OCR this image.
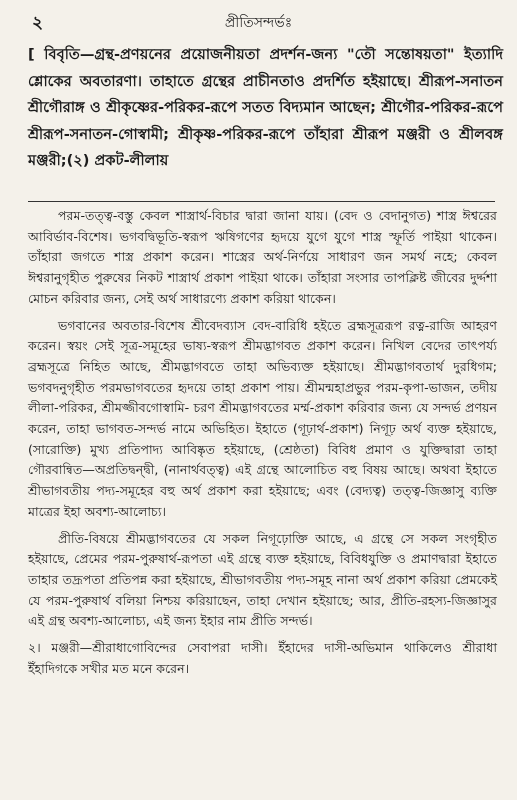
২	প্রীতিসন্দর্ভঃ

[ বিবৃতি—গ্রন্থ-প্রণয়নের প্রয়োজনীয়তা প্রদর্শন-জন্য "তৌ সন্তোষয়তা" ইত্যাদি শ্লোকের অবতারণা। তাহাতে গ্রন্থের প্রাচীনতাও প্রদর্শিত হইয়াছে। শ্রীরূপ-সনাতন শ্রীগৌরাঙ্গ ও শ্রীকৃষ্ণের-পরিকর-রূপে সতত বিদ্যমান আছেন; শ্রীগৌর-পরিকর-রূপে শ্রীরূপ-সনাতন-গোস্বামী; শ্রীকৃষ্ণ-পরিকর-রূপে তাঁহারা শ্রীরূপ মঞ্জরী ও শ্রীলবঙ্গ মঞ্জরী;(২) প্রকট-লীলায়

পরম-তত্ত্ব-বস্তু কেবল শাস্ত্রার্থ-বিচার দ্বারা জানা যায়। (বেদ ও বেদানুগত) শাস্ত্র ঈশ্বরের আবির্ভাব-বিশেষ। ভগবদ্বিভূতি-স্বরূপ ঋষিগণের হৃদয়ে যুগে যুগে শাস্ত্র স্ফূর্তি পাইয়া থাকেন। তাঁহারা জগতে শাস্ত্র প্রকাশ করেন। শাস্ত্রের অর্থ-নির্ণয়ে সাধারণ জন সমর্থ নহে; কেবল ঈশ্বরানুগৃহীত পুরুষের নিকট শাস্ত্রার্থ প্রকাশ পাইয়া থাকে। তাঁহারা সংসার তাপক্লিষ্ট জীবের দুর্দ্দশা মোচন করিবার জন্য, সেই অর্থ সাধারণ্যে প্রকাশ করিয়া থাকেন।

ভগবানের অবতার-বিশেষ শ্রীবেদব্যাস বেদ-বারিধি হইতে ব্রহ্মসূত্ররূপ রত্ন-রাজি আহরণ করেন। স্বয়ং সেই সূত্র-সমূহের ভাষ্য-স্বরূপ শ্রীমদ্ভাগবত প্রকাশ করেন। নিখিল বেদের তাৎপর্য্য ব্রহ্মসূত্রে নিহিত আছে, শ্রীমদ্ভাগবতে তাহা অভিব্যক্ত হইয়াছে। শ্রীমদ্ভাগবতার্থ দুরধিগম; ভগবদনুগৃহীত পরমভাগবতের হৃদয়ে তাহা প্রকাশ পায়। শ্রীমন্মহাপ্রভুর পরম-কৃপা-ভাজন, তদীয় লীলা-পরিকর, শ্রীমজ্জীবগোস্বামি- চরণ শ্রীমদ্ভাগবতের মর্ম্ম-প্রকাশ করিবার জন্য যে সন্দর্ভ প্রণয়ন করেন, তাহা ভাগবত-সন্দর্ভ নামে অভিহিত। ইহাতে (গূঢ়ার্থ-প্রকাশ) নিগূঢ় অর্থ ব্যক্ত হইয়াছে, (সারোক্তি) মুখ্য প্রতিপাদ্য আবিষ্কৃত হইয়াছে, (শ্রেষ্ঠতা) বিবিধ প্রমাণ ও যুক্তিদ্বারা তাহা গৌরবান্বিত—অপ্রতিদ্বন্দ্বী, (নানার্থবত্ত্ব) এই গ্রন্থে আলোচিত বহু বিষয় আছে। অথবা ইহাতে শ্রীভাগবতীয় পদ্য-সমূহের বহু অর্থ প্রকাশ করা হইয়াছে; এবং (বেদ্যত্ব) তত্ত্ব-জিজ্ঞাসু ব্যক্তি মাত্রের ইহা অবশ্য-আলোচ্য।

প্রীতি-বিষয়ে শ্রীমদ্ভাগবতের যে সকল নিগূঢ়োক্তি আছে, এ গ্রন্থে সে সকল সংগৃহীত হইয়াছে, প্রেমের পরম-পুরুষার্থ-রূপতা এই গ্রন্থে ব্যক্ত হইয়াছে, বিবিধযুক্তি ও প্রমাণদ্বারা ইহাতে তাহার তদ্রূপতা প্রতিপন্ন করা হইয়াছে, শ্রীভাগবতীয় পদ্য-সমূহ নানা অর্থ প্রকাশ করিয়া প্রেমকেই যে পরম-পুরুষার্থ বলিয়া নিশ্চয় করিয়াছেন, তাহা দেখান হইয়াছে; আর, প্রীতি-রহস্য-জিজ্ঞাসুর এই গ্রন্থ অবশ্য-আলোচ্য, এই জন্য ইহার নাম প্রীতি সন্দর্ভ।

২। মঞ্জরী—শ্রীরাধাগোবিন্দের সেবাপরা দাসী। ইঁহাদের দাসী-অভিমান থাকিলেও শ্রীরাধা ইঁহাদিগকে সখীর মত মনে করেন।
